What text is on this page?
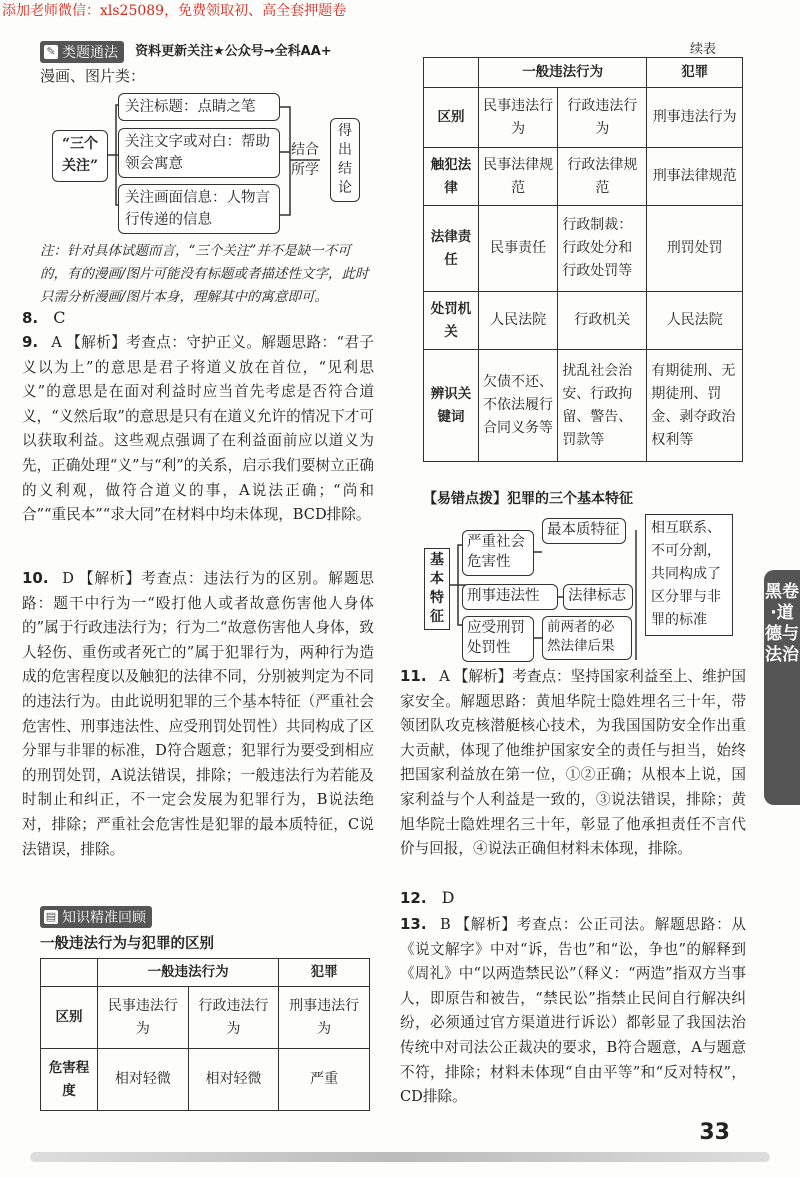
添加老师微信：xls25089，免费领取初、高全套押题卷
✎ 类题通法 资料更新关注★公众号→全科AA+
漫画、图片类：
“三个关注”
关注标题：点睛之笔
关注文字或对白：帮助领会寓意
关注画面信息：人物言行传递的信息
结合所学
得出结论
注：针对具体试题而言，“三个关注”并不是缺一不可的，有的漫画/图片可能没有标题或者描述性文字，此时只需分析漫画/图片本身，理解其中的寓意即可。
8. C
9. A 【解析】考查点：守护正义。解题思路：“君子义以为上”的意思是君子将道义放在首位，“见利思义”的意思是在面对利益时应当首先考虑是否符合道义，“义然后取”的意思是只有在道义允许的情况下才可以获取利益。这些观点强调了在利益面前应以道义为先，正确处理“义”与“利”的关系，启示我们要树立正确的义利观，做符合道义的事，A说法正确；“尚和合”“重民本”“求大同”在材料中均未体现，BCD排除。
10. D 【解析】考查点：违法行为的区别。解题思路：题干中行为一“殴打他人或者故意伤害他人身体的”属于行政违法行为；行为二“故意伤害他人身体，致人轻伤、重伤或者死亡的”属于犯罪行为，两种行为造成的危害程度以及触犯的法律不同，分别被判定为不同的违法行为。由此说明犯罪的三个基本特征（严重社会危害性、刑事违法性、应受刑罚处罚性）共同构成了区分罪与非罪的标准，D符合题意；犯罪行为要受到相应的刑罚处罚，A说法错误，排除；一般违法行为若能及时制止和纠正，不一定会发展为犯罪行为，B说法绝对，排除；严重社会危害性是犯罪的最本质特征，C说法错误，排除。
▤ 知识精准回顾
一般违法行为与犯罪的区别
	一般违法行为		犯罪
区别	民事违法行为	行政违法行为	刑事违法行为
危害程度	相对轻微	相对轻微	严重
续表
	一般违法行为		犯罪
区别	民事违法行为	行政违法行为	刑事违法行为
触犯法律	民事法律规范	行政法律规范	刑事法律规范
法律责任	民事责任	行政制裁：行政处分和行政处罚等	刑罚处罚
处罚机关	人民法院	行政机关	人民法院
辨识关键词	欠债不还、不依法履行合同义务等	扰乱社会治安、行政拘留、警告、罚款等	有期徒刑、无期徒刑、罚金、剥夺政治权利等
【易错点拨】犯罪的三个基本特征
基本特征
严重社会危害性
刑事违法性
应受刑罚处罚性
最本质特征
法律标志
前两者的必然法律后果
相互联系、不可分割，共同构成了区分罪与非罪的标准
11. A 【解析】考查点：坚持国家利益至上、维护国家安全。解题思路：黄旭华院士隐姓埋名三十年，带领团队攻克核潜艇核心技术，为我国国防安全作出重大贡献，体现了他维护国家安全的责任与担当，始终把国家利益放在第一位，①②正确；从根本上说，国家利益与个人利益是一致的，③说法错误，排除；黄旭华院士隐姓埋名三十年，彰显了他承担责任不言代价与回报，④说法正确但材料未体现，排除。
12. D
13. B 【解析】考查点：公正司法。解题思路：从《说文解字》中对“诉，告也”和“讼，争也”的解释到《周礼》中“以两造禁民讼”（释义：“两造”指双方当事人，即原告和被告，“禁民讼”指禁止民间自行解决纠纷，必须通过官方渠道进行诉讼）都彰显了我国法治传统中对司法公正裁决的要求，B符合题意，A与题意不符，排除；材料未体现“自由平等”和“反对特权”，CD排除。
黑卷·道德与法治
33
